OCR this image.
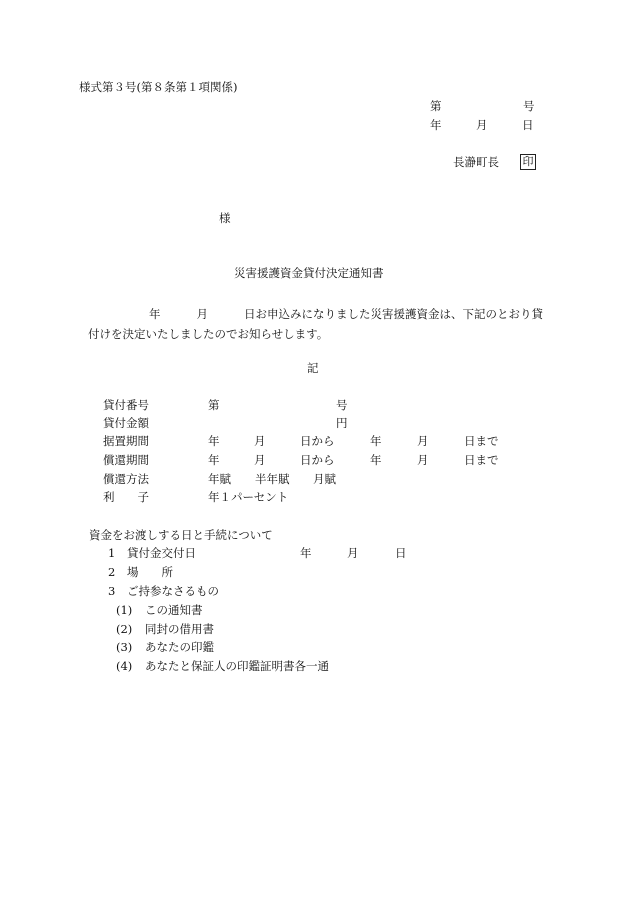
様式第３号(第８条第１項関係)
第	号
年	月	日
長瀞町長 印
様
災害援護資金貸付決定通知書
年	月	日お申込みになりました災害援護資金は、下記のとおり貸付けを決定いたしましたのでお知らせします。
記
貸付番号	第	号
貸付金額	円
据置期間	年	月	日から	年	月	日まで
償還期間	年	月	日から	年	月	日まで
償還方法	年賦 半年賦 月賦
利　　子	年１パーセント
資金をお渡しする日と手続について
1 貸付金交付日	年	月	日
2 場　　所
3 ご持参なさるもの
(1) この通知書
(2) 同封の借用書
(3) あなたの印鑑
(4) あなたと保証人の印鑑証明書各一通
